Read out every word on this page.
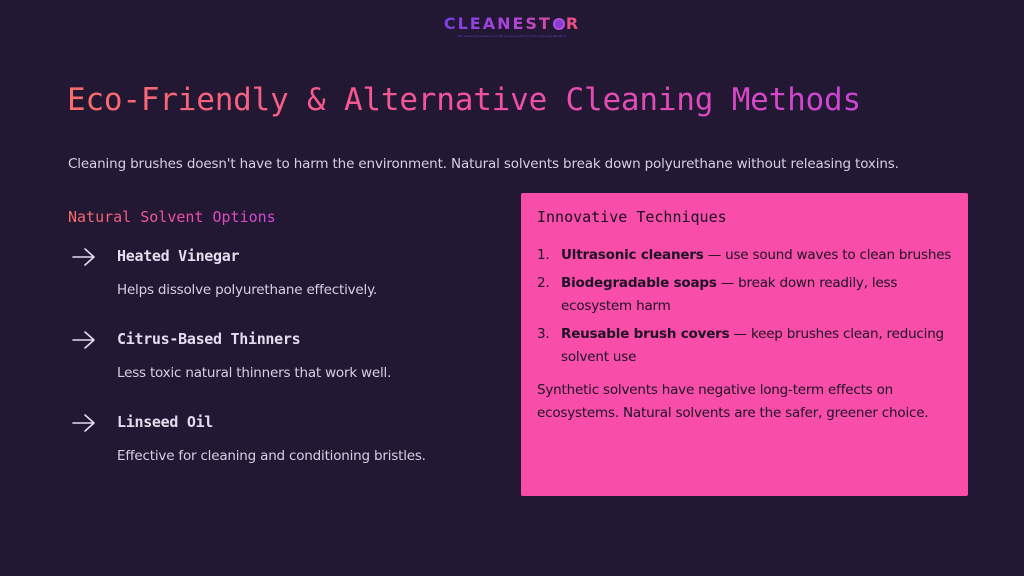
CLEANEST R
Pro Cleaning Guides And Service Journalism From Cleaning Realtors
Eco-Friendly & Alternative Cleaning Methods

Cleaning brushes doesn't have to harm the environment. Natural solvents break down polyurethane without releasing toxins.

Natural Solvent Options
Heated Vinegar
Helps dissolve polyurethane effectively.
Citrus-Based Thinners
Less toxic natural thinners that work well.
Linseed Oil
Effective for cleaning and conditioning bristles.
Innovative Techniques
1. Ultrasonic cleaners — use sound waves to clean brushes
2. Biodegradable soaps — break down readily, less ecosystem harm
3. Reusable brush covers — keep brushes clean, reducing solvent use

Synthetic solvents have negative long-term effects on ecosystems. Natural solvents are the safer, greener choice.
